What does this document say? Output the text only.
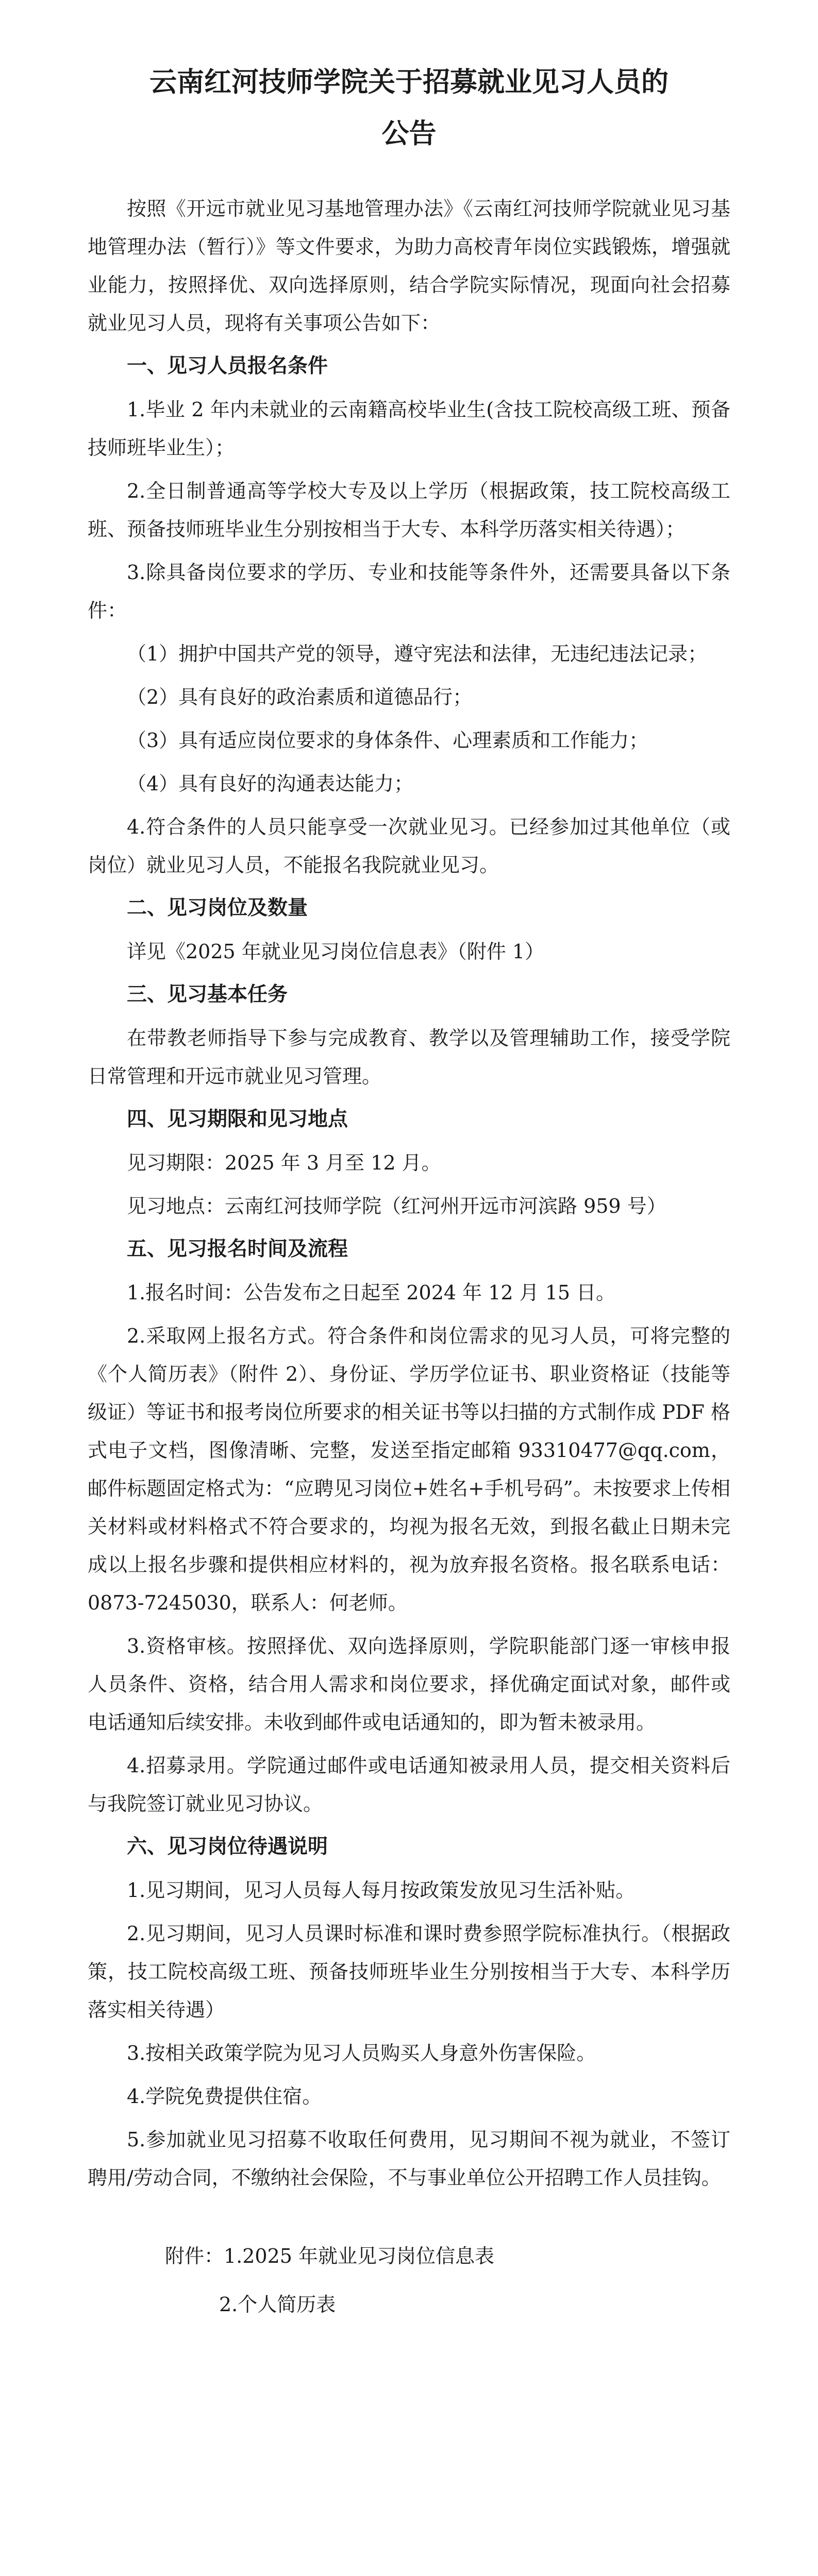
云南红河技师学院关于招募就业见习人员的
公告

按照《开远市就业见习基地管理办法》《云南红河技师学院就业见习基地管理办法（暂行）》等文件要求，为助力高校青年岗位实践锻炼，增强就业能力，按照择优、双向选择原则，结合学院实际情况，现面向社会招募就业见习人员，现将有关事项公告如下：

一、见习人员报名条件

1.毕业 2 年内未就业的云南籍高校毕业生(含技工院校高级工班、预备技师班毕业生）；

2.全日制普通高等学校大专及以上学历（根据政策，技工院校高级工班、预备技师班毕业生分别按相当于大专、本科学历落实相关待遇）；

3.除具备岗位要求的学历、专业和技能等条件外，还需要具备以下条件：

（1）拥护中国共产党的领导，遵守宪法和法律，无违纪违法记录；

（2）具有良好的政治素质和道德品行；

（3）具有适应岗位要求的身体条件、心理素质和工作能力；

（4）具有良好的沟通表达能力；

4.符合条件的人员只能享受一次就业见习。已经参加过其他单位（或岗位）就业见习人员，不能报名我院就业见习。

二、见习岗位及数量

详见《2025 年就业见习岗位信息表》（附件 1）

三、见习基本任务

在带教老师指导下参与完成教育、教学以及管理辅助工作，接受学院日常管理和开远市就业见习管理。

四、见习期限和见习地点

见习期限：2025 年 3 月至 12 月。

见习地点：云南红河技师学院（红河州开远市河滨路 959 号）

五、见习报名时间及流程

1.报名时间：公告发布之日起至 2024 年 12 月 15 日。

2.采取网上报名方式。符合条件和岗位需求的见习人员，可将完整的《个人简历表》（附件 2）、身份证、学历学位证书、职业资格证（技能等级证）等证书和报考岗位所要求的相关证书等以扫描的方式制作成 PDF 格式电子文档，图像清晰、完整，发送至指定邮箱 93310477@qq.com，邮件标题固定格式为：“应聘见习岗位+姓名+手机号码”。未按要求上传相关材料或材料格式不符合要求的，均视为报名无效，到报名截止日期未完成以上报名步骤和提供相应材料的，视为放弃报名资格。报名联系电话：0873-7245030，联系人：何老师。

3.资格审核。按照择优、双向选择原则，学院职能部门逐一审核申报人员条件、资格，结合用人需求和岗位要求，择优确定面试对象，邮件或电话通知后续安排。未收到邮件或电话通知的，即为暂未被录用。

4.招募录用。学院通过邮件或电话通知被录用人员，提交相关资料后与我院签订就业见习协议。

六、见习岗位待遇说明

1.见习期间，见习人员每人每月按政策发放见习生活补贴。

2.见习期间，见习人员课时标准和课时费参照学院标准执行。（根据政策，技工院校高级工班、预备技师班毕业生分别按相当于大专、本科学历落实相关待遇）

3.按相关政策学院为见习人员购买人身意外伤害保险。

4.学院免费提供住宿。

5.参加就业见习招募不收取任何费用，见习期间不视为就业，不签订聘用/劳动合同，不缴纳社会保险，不与事业单位公开招聘工作人员挂钩。

附件：1.2025 年就业见习岗位信息表
2.个人简历表
